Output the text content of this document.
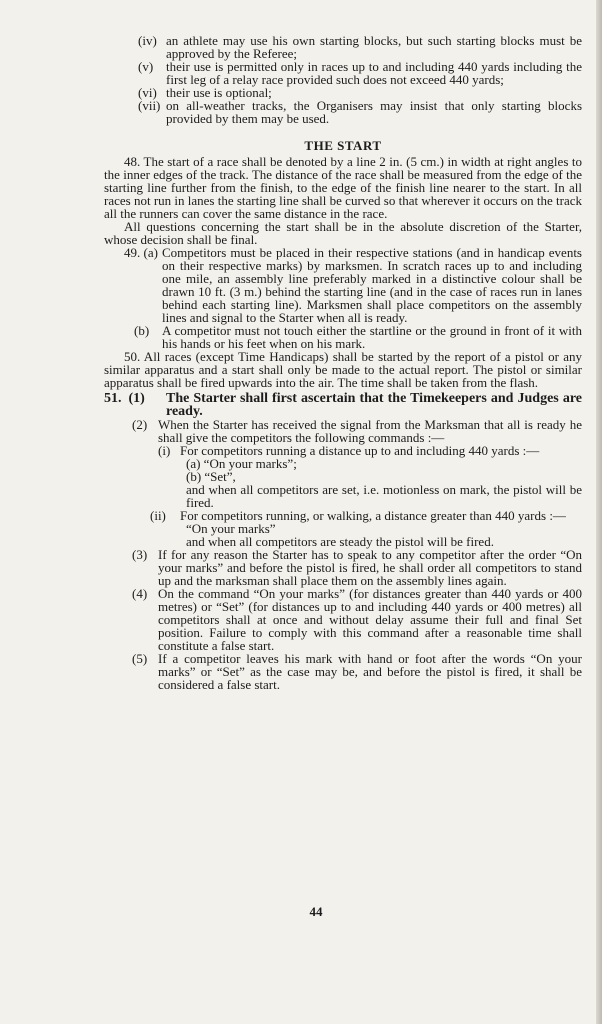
(iv) an athlete may use his own starting blocks, but such starting blocks must be approved by the Referee;

(v) their use is permitted only in races up to and including 440 yards including the first leg of a relay race provided such does not exceed 440 yards;

(vi) their use is optional;

(vii) on all-weather tracks, the Organisers may insist that only starting blocks provided by them may be used.

THE START

48. The start of a race shall be denoted by a line 2 in. (5 cm.) in width at right angles to the inner edges of the track. The distance of the race shall be measured from the edge of the starting line further from the finish, to the edge of the finish line nearer to the start. In all races not run in lanes the starting line shall be curved so that wherever it occurs on the track all the runners can cover the same distance in the race.

All questions concerning the start shall be in the absolute discretion of the Starter, whose decision shall be final.

49. (a) Competitors must be placed in their respective stations (and in handicap events on their respective marks) by marksmen. In scratch races up to and including one mile, an assembly line preferably marked in a distinctive colour shall be drawn 10 ft. (3 m.) behind the starting line (and in the case of races run in lanes behind each starting line). Marksmen shall place competitors on the assembly lines and signal to the Starter when all is ready.

(b) A competitor must not touch either the startline or the ground in front of it with his hands or his feet when on his mark.

50. All races (except Time Handicaps) shall be started by the report of a pistol or any similar apparatus and a start shall only be made to the actual report. The pistol or similar apparatus shall be fired upwards into the air. The time shall be taken from the flash.

51. (1) The Starter shall first ascertain that the Timekeepers and Judges are ready.

(2) When the Starter has received the signal from the Marksman that all is ready he shall give the competitors the following commands :—

(i) For competitors running a distance up to and including 440 yards :—

(a) “On your marks”;

(b) “Set”,

and when all competitors are set, i.e. motionless on mark, the pistol will be fired.

(ii) For competitors running, or walking, a distance greater than 440 yards :—

“On your marks”

and when all competitors are steady the pistol will be fired.

(3) If for any reason the Starter has to speak to any competitor after the order “On your marks” and before the pistol is fired, he shall order all competitors to stand up and the marksman shall place them on the assembly lines again.

(4) On the command “On your marks” (for distances greater than 440 yards or 400 metres) or “Set” (for distances up to and including 440 yards or 400 metres) all competitors shall at once and without delay assume their full and final Set position. Failure to comply with this command after a reasonable time shall constitute a false start.

(5) If a competitor leaves his mark with hand or foot after the words “On your marks” or “Set” as the case may be, and before the pistol is fired, it shall be considered a false start.

44
